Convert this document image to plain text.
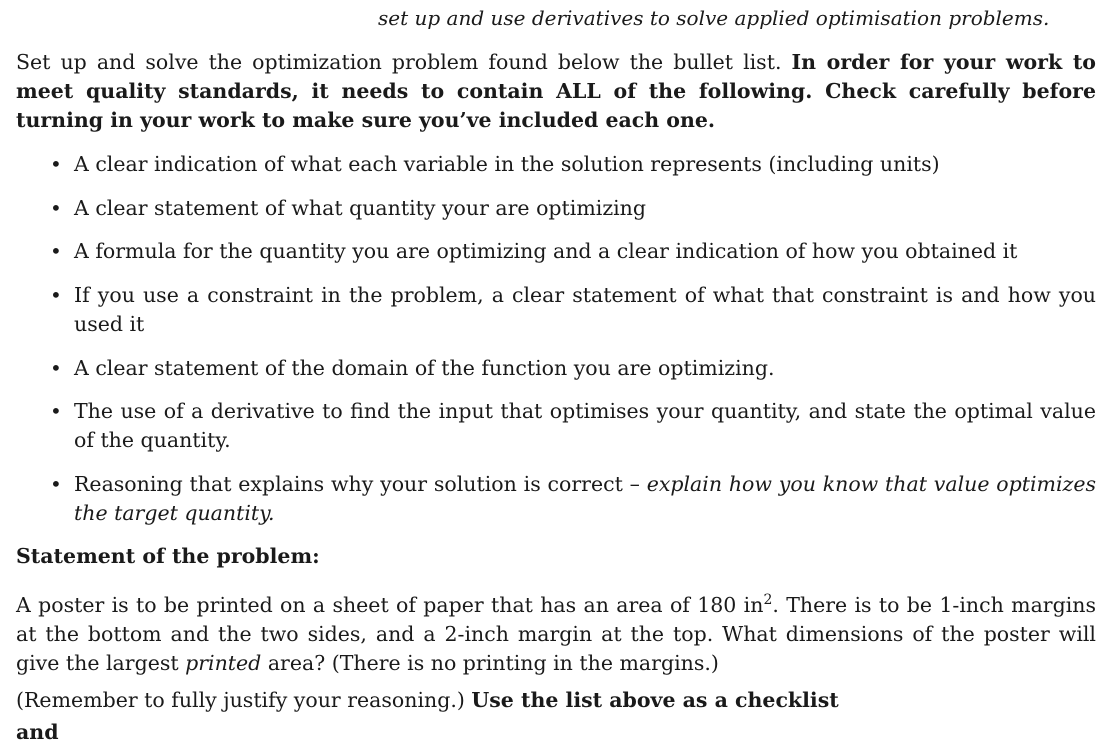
set up and use derivatives to solve applied optimisation problems.
Set up and solve the optimization problem found below the bullet list. In order for your work to meet quality standards, it needs to contain ALL of the following. Check carefully before turning in your work to make sure you’ve included each one.
• A clear indication of what each variable in the solution represents (including units)
• A clear statement of what quantity your are optimizing
• A formula for the quantity you are optimizing and a clear indication of how you obtained it
• If you use a constraint in the problem, a clear statement of what that constraint is and how you used it
• A clear statement of the domain of the function you are optimizing.
• The use of a derivative to find the input that optimises your quantity, and state the optimal value of the quantity.
• Reasoning that explains why your solution is correct – explain how you know that value optimizes the target quantity.
Statement of the problem:
A poster is to be printed on a sheet of paper that has an area of 180 $in^2$. There is to be 1-inch margins at the bottom and the two sides, and a 2-inch margin at the top. What dimensions of the poster will give the largest printed area? (There is no printing in the margins.)
(Remember to fully justify your reasoning.) Use the list above as a checklist
and
